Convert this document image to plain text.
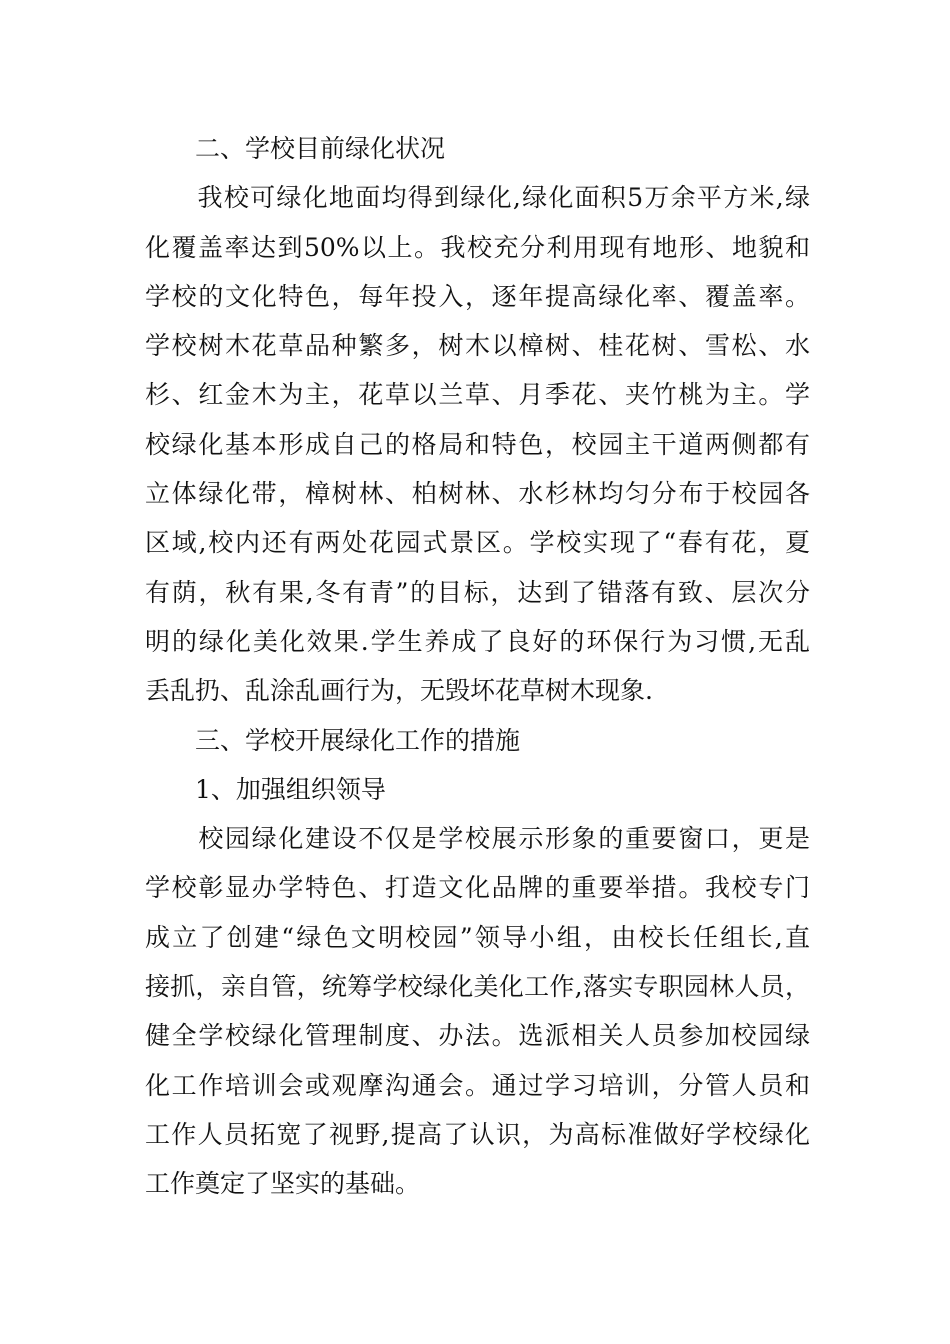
　　二、学校目前绿化状况
　　我校可绿化地面均得到绿化,绿化面积5万余平方米,绿
化覆盖率达到50%以上。我校充分利用现有地形、地貌和
学校的文化特色，每年投入，逐年提高绿化率、覆盖率。
学校树木花草品种繁多，树木以樟树、桂花树、雪松、水
杉、红金木为主，花草以兰草、月季花、夹竹桃为主。学
校绿化基本形成自己的格局和特色，校园主干道两侧都有
立体绿化带，樟树林、柏树林、水杉林均匀分布于校园各
区域,校内还有两处花园式景区。学校实现了“春有花，夏
有荫，秋有果,冬有青”的目标，达到了错落有致、层次分
明的绿化美化效果.学生养成了良好的环保行为习惯,无乱
丢乱扔、乱涂乱画行为，无毁坏花草树木现象.
　　三、学校开展绿化工作的措施
　　1、加强组织领导
　　校园绿化建设不仅是学校展示形象的重要窗口，更是
学校彰显办学特色、打造文化品牌的重要举措。我校专门
成立了创建“绿色文明校园”领导小组，由校长任组长,直
接抓，亲自管，统筹学校绿化美化工作,落实专职园林人员，
健全学校绿化管理制度、办法。选派相关人员参加校园绿
化工作培训会或观摩沟通会。通过学习培训，分管人员和
工作人员拓宽了视野,提高了认识，为高标准做好学校绿化
工作奠定了坚实的基础。
